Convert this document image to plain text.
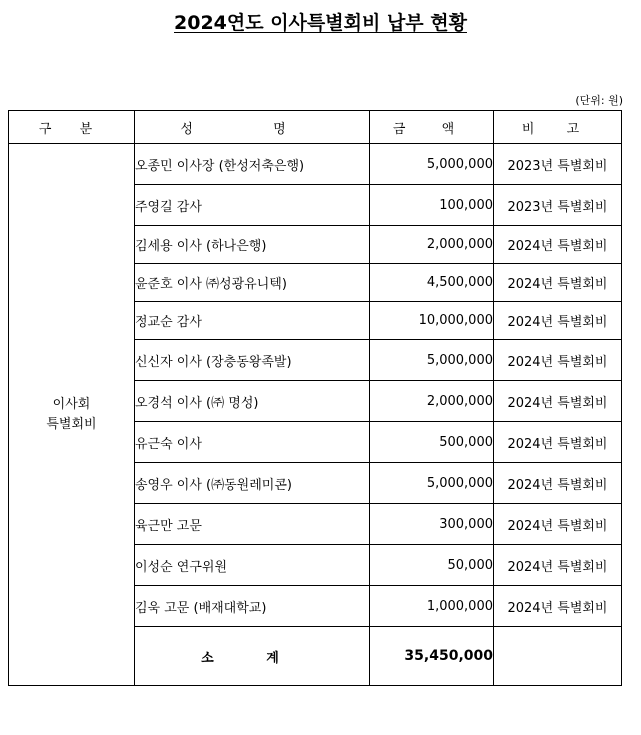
2024연도 이사특별회비 납부 현황
(단위: 원)
구 분	성 명	금 액	비 고

이사회
특별회비	오종민 이사장 (한성저축은행)	5,000,000	2023년 특별회비
	주영길 감사	100,000	2023년 특별회비
	김세용 이사 (하나은행)	2,000,000	2024년 특별회비
	윤준호 이사 ㈜성광유니텍)	4,500,000	2024년 특별회비
	정교순 감사	10,000,000	2024년 특별회비
	신신자 이사 (장충동왕족발)	5,000,000	2024년 특별회비
	오경석 이사 (㈜ 명성)	2,000,000	2024년 특별회비
	유근숙 이사	500,000	2024년 특별회비
	송영우 이사 (㈜동원레미콘)	5,000,000	2024년 특별회비
	육근만 고문	300,000	2024년 특별회비
	이성순 연구위원	50,000	2024년 특별회비
	김욱 고문 (배재대학교)	1,000,000	2024년 특별회비
	소 계	35,450,000	
